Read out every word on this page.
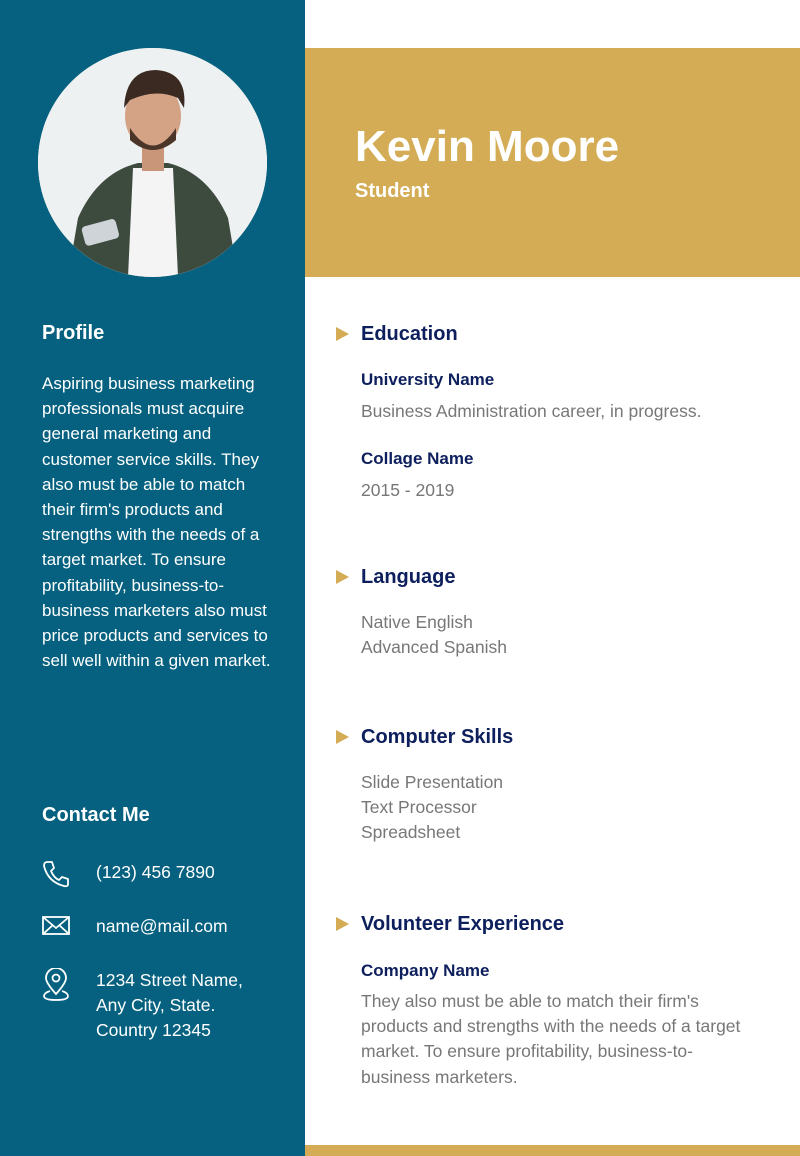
Profile
Aspiring business marketing professionals must acquire general marketing and customer service skills. They also must be able to match their firm's products and strengths with the needs of a target market. To ensure profitability, business-to-business marketers also must price products and services to sell well within a given market.
Contact Me
(123) 456 7890
name@mail.com
1234 Street Name,
Any City, State.
Country 12345
Kevin Moore
Student
Education
University Name
Business Administration career, in progress.
Collage Name
2015 - 2019
Language
Native English
Advanced Spanish
Computer Skills
Slide Presentation
Text Processor
Spreadsheet
Volunteer Experience
Company Name
They also must be able to match their firm's products and strengths with the needs of a target market. To ensure profitability, business-to-business marketers.
